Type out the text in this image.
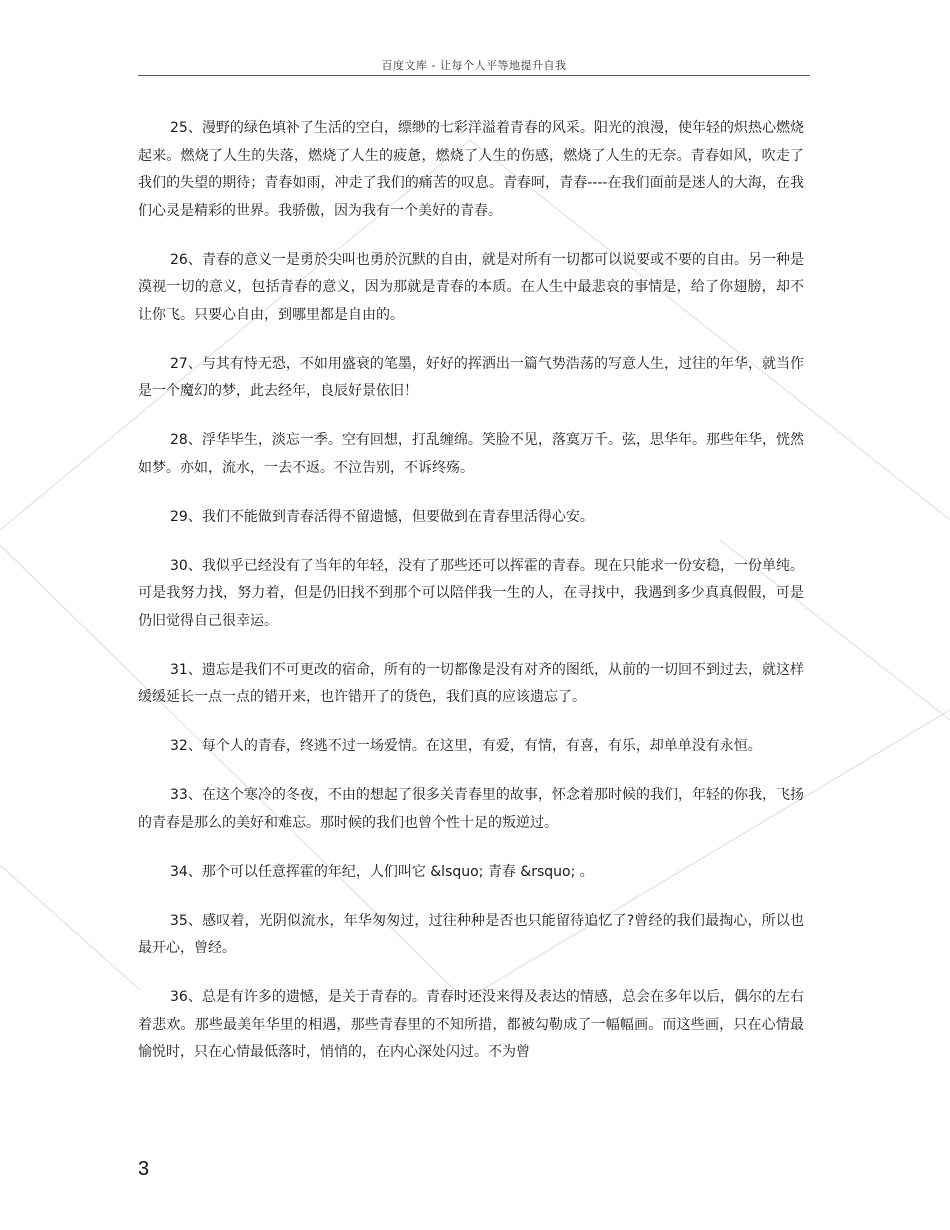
百度文库 - 让每个人平等地提升自我

25、漫野的绿色填补了生活的空白，缥缈的七彩洋溢着青春的风采。阳光的浪漫，使年轻的炽热心燃烧起来。燃烧了人生的失落，燃烧了人生的疲惫，燃烧了人生的伤感，燃烧了人生的无奈。青春如风，吹走了我们的失望的期待；青春如雨，冲走了我们的痛苦的叹息。青春呵，青春----在我们面前是迷人的大海，在我们心灵是精彩的世界。我骄傲，因为我有一个美好的青春。

26、青春的意义一是勇於尖叫也勇於沉默的自由，就是对所有一切都可以说要或不要的自由。另一种是漠视一切的意义，包括青春的意义，因为那就是青春的本质。在人生中最悲哀的事情是，给了你翅膀，却不让你飞。只要心自由，到哪里都是自由的。

27、与其有恃无恐，不如用盛衰的笔墨，好好的挥洒出一篇气势浩荡的写意人生，过往的年华，就当作是一个魔幻的梦，此去经年，良辰好景依旧！

28、浮华毕生，淡忘一季。空有回想，打乱缠绵。笑脸不见，落寞万千。弦，思华年。那些年华，恍然如梦。亦如，流水，一去不返。不泣告别，不诉终殇。

29、我们不能做到青春活得不留遗憾，但要做到在青春里活得心安。

30、我似乎已经没有了当年的年轻，没有了那些还可以挥霍的青春。现在只能求一份安稳，一份单纯。可是我努力找，努力着，但是仍旧找不到那个可以陪伴我一生的人，在寻找中，我遇到多少真真假假，可是仍旧觉得自己很幸运。

31、遗忘是我们不可更改的宿命，所有的一切都像是没有对齐的图纸，从前的一切回不到过去，就这样缓缓延长一点一点的错开来，也许错开了的货色，我们真的应该遗忘了。

32、每个人的青春，终逃不过一场爱情。在这里，有爱，有情，有喜，有乐，却单单没有永恒。

33、在这个寒冷的冬夜，不由的想起了很多关青春里的故事，怀念着那时候的我们，年轻的你我，飞扬的青春是那么的美好和难忘。那时候的我们也曾个性十足的叛逆过。

34、那个可以任意挥霍的年纪，人们叫它 &lsquo; 青春 &rsquo; 。

35、感叹着，光阴似流水，年华匆匆过，过往种种是否也只能留待追忆了?曾经的我们最掏心，所以也最开心，曾经。

36、总是有许多的遗憾，是关于青春的。青春时还没来得及表达的情感，总会在多年以后，偶尔的左右着悲欢。那些最美年华里的相遇，那些青春里的不知所措，都被勾勒成了一幅幅画。而这些画，只在心情最愉悦时，只在心情最低落时，悄悄的，在内心深处闪过。不为曾

3
